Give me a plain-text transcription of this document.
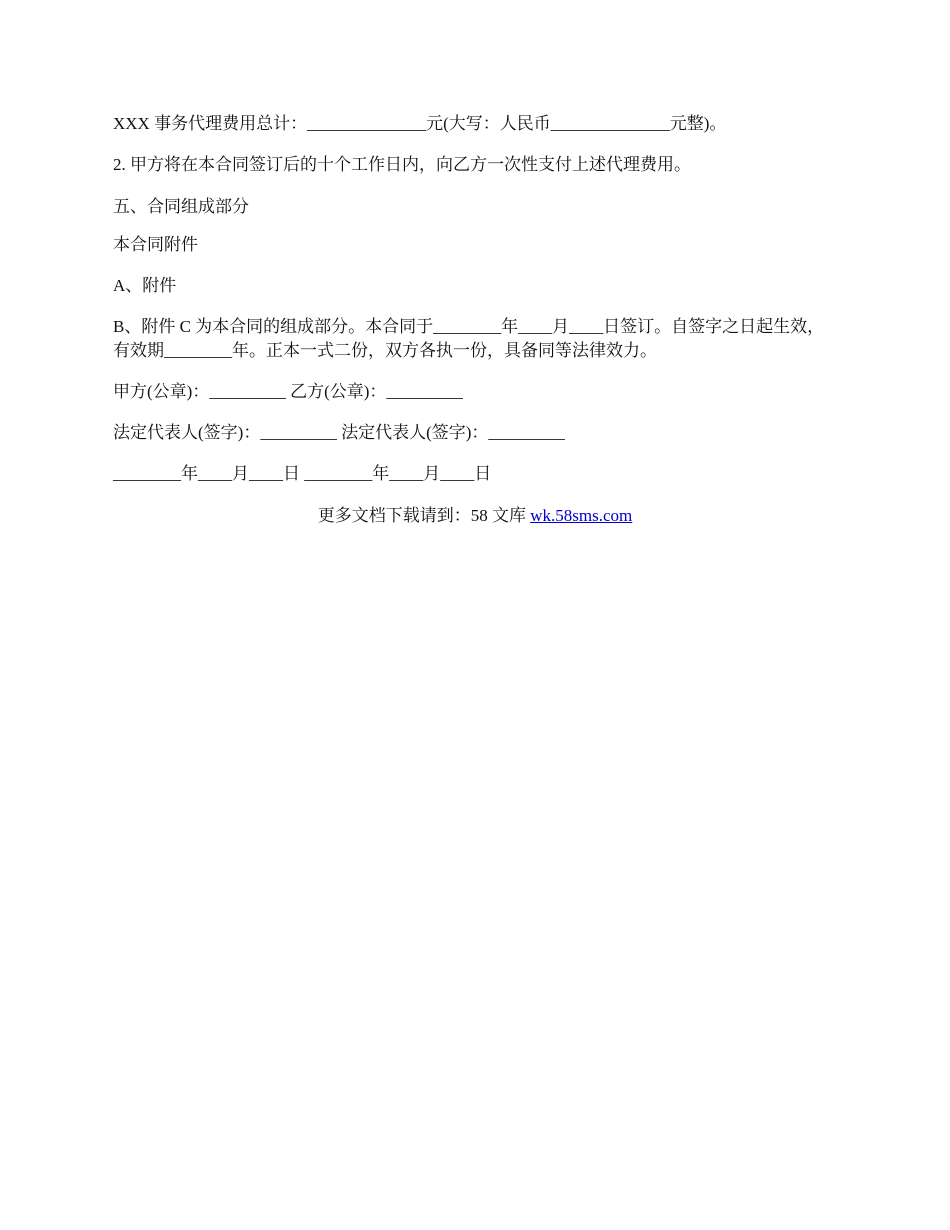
XXX 事务代理费用总计：______________元(大写：人民币______________元整)。

2. 甲方将在本合同签订后的十个工作日内，向乙方一次性支付上述代理费用。

五、合同组成部分

本合同附件

A、附件

B、附件 C 为本合同的组成部分。本合同于________年____月____日签订。自签字之日起生效，有效期________年。正本一式二份，双方各执一份，具备同等法律效力。

甲方(公章)：_________ 乙方(公章)：_________

法定代表人(签字)：_________ 法定代表人(签字)：_________

________年____月____日 ________年____月____日

更多文档下载请到：58 文库 wk.58sms.com
